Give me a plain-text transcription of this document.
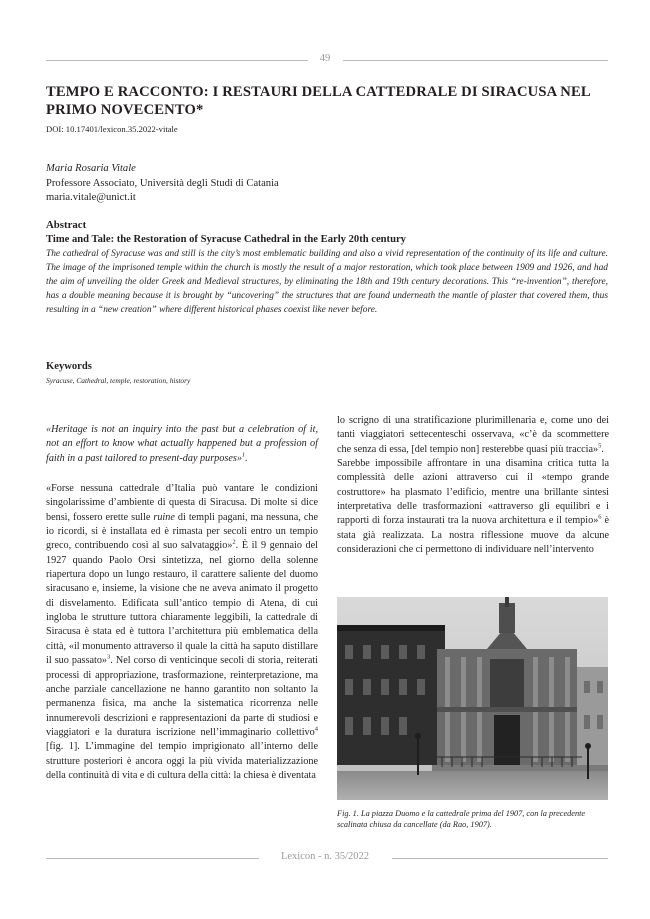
49
TEMPO E RACCONTO: I RESTAURI DELLA CATTEDRALE DI SIRACUSA NEL PRIMO NOVECENTO*
DOI: 10.17401/lexicon.35.2022-vitale
Maria Rosaria Vitale
Professore Associato, Università degli Studi di Catania
maria.vitale@unict.it
Abstract
Time and Tale: the Restoration of Syracuse Cathedral in the Early 20th century
The cathedral of Syracuse was and still is the city’s most emblematic building and also a vivid representation of the continuity of its life and culture. The image of the imprisoned temple within the church is mostly the result of a major restoration, which took place between 1909 and 1926, and had the aim of unveiling the older Greek and Medieval structures, by eliminating the 18th and 19th century decorations. This “re-invention”, therefore, has a double meaning because it is brought by “uncovering” the structures that are found underneath the mantle of plaster that covered them, thus resulting in a “new creation” where different historical phases coexist like never before.
Keywords
Syracuse, Cathedral, temple, restoration, history

«Heritage is not an inquiry into the past but a celebration of it, not an effort to know what actually happened but a profession of faith in a past tailored to present-day purposes»$^1$.

«Forse nessuna cattedrale d’Italia può vantare le condizioni singolarissime d’ambiente di questa di Siracusa. Di molte si dice bensì, fossero erette sulle ruine di templi pagani, ma nessuna, che io ricordi, si è installata ed è rimasta per secoli entro un tempio greco, contribuendo così al suo salvataggio»$^2$. È il 9 gennaio del 1927 quando Paolo Orsi sintetizza, nel giorno della solenne riapertura dopo un lungo restauro, il carattere saliente del duomo siracusano e, insieme, la visione che ne aveva animato il progetto di disvelamento. Edificata sull’antico tempio di Atena, di cui ingloba le strutture tuttora chiaramente leggibili, la cattedrale di Siracusa è stata ed è tuttora l’architettura più emblematica della città, «il monumento attraverso il quale la città ha saputo distillare il suo passato»$^3$. Nel corso di venticinque secoli di storia, reiterati processi di appropriazione, trasformazione, reinterpretazione, ma anche parziale cancellazione ne hanno garantito non soltanto la permanenza fisica, ma anche la sistematica ricorrenza nelle innumerevoli descrizioni e rappresentazioni da parte di studiosi e viaggiatori e la duratura iscrizione nell’immaginario collettivo$^4$ [fig. 1]. L’immagine del tempio imprigionato all’interno delle strutture posteriori è ancora oggi la più vivida materializzazione della continuità di vita e di cultura della città: la chiesa è diventata

lo scrigno di una stratificazione plurimillenaria e, come uno dei tanti viaggiatori settecenteschi osservava, «c’è da scommettere che senza di essa, [del tempio non] resterebbe quasi più traccia»$^5$.

Sarebbe impossibile affrontare in una disamina critica tutta la complessità delle azioni attraverso cui il «tempo grande costruttore» ha plasmato l’edificio, mentre una brillante sintesi interpretativa delle trasformazioni «attraverso gli equilibri e i rapporti di forza instaurati tra la nuova architettura e il tempio»$^6$ è stata già realizzata. La nostra riflessione muove da alcune considerazioni che ci permettono di individuare nell’intervento

Fig. 1. La piazza Duomo e la cattedrale prima del 1907, con la precedente scalinata chiusa da cancellate (da Rao, 1907).
Lexicon - n. 35/2022
